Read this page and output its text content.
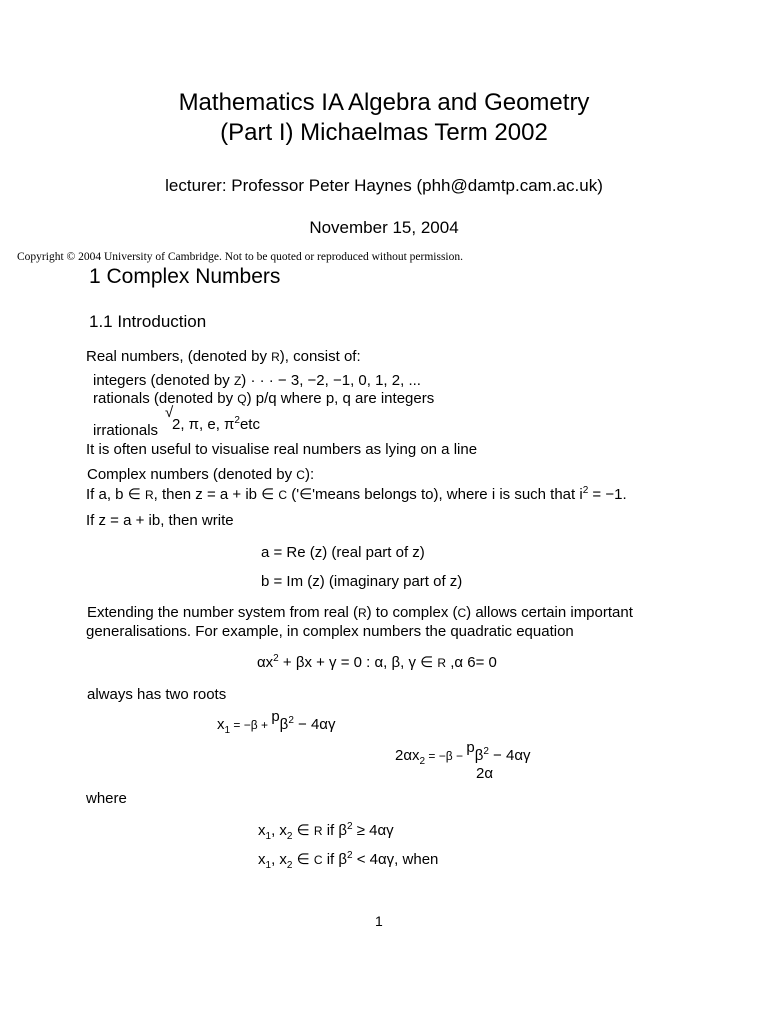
Mathematics IA Algebra and Geometry
(Part I) Michaelmas Term 2002
lecturer: Professor Peter Haynes (phh@damtp.cam.ac.uk)
November 15, 2004
Copyright © 2004 University of Cambridge. Not to be quoted or reproduced without permission.
1 Complex Numbers
1.1 Introduction
Real numbers, (denoted by R), consist of:
integers (denoted by Z) · · · − 3, −2, −1, 0, 1, 2, ...
rationals (denoted by Q) p/q where p, q are integers
irrationals
√
2, π, e, $\pi^2etc$
It is often useful to visualise real numbers as lying on a line
Complex numbers (denoted by C):
If a, b ∈ R, then z = a + ib ∈ C ('∈'means belongs to), where i is such that $i^2 = -1$.
If z = a + ib, then write
a = Re (z) (real part of z)
b = Im (z) (imaginary part of z)
Extending the number system from real (R) to complex (C) allows certain important
generalisations. For example, in complex numbers the quadratic equation
$\alpha x^2 + \beta x + \gamma = 0$ : α, β, γ ∈ R ,α 6= 0
always has two roots
$x_1 = -\beta + p\beta^2 - 4\alpha\gamma$
$2\alpha x_2 = -\beta - p\beta^2 - 4\alpha\gamma$
2α
where
$x_1$, $x_2$ ∈ R if $\beta^2 \ge 4\alpha\gamma$
$x_1$, $x_2$ ∈ C if $\beta^2 < 4\alpha\gamma$, when
1
